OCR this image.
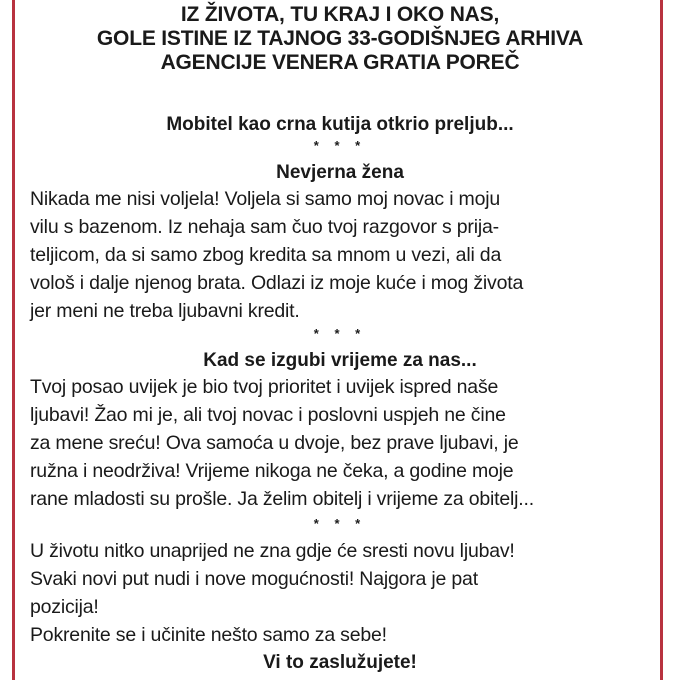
IZ ŽIVOTA, TU KRAJ I OKO NAS,
GOLE ISTINE IZ TAJNOG 33-GODIŠNJEG ARHIVA
AGENCIJE VENERA GRATIA POREČ
Mobitel kao crna kutija otkrio preljub...
* * *
Nevjerna žena
Nikada me nisi voljela! Voljela si samo moj novac i moju
vilu s bazenom. Iz nehaja sam čuo tvoj razgovor s prija-
teljicom, da si samo zbog kredita sa mnom u vezi, ali da
vološ i dalje njenog brata. Odlazi iz moje kuće i mog života
jer meni ne treba ljubavni kredit.
* * *
Kad se izgubi vrijeme za nas...
Tvoj posao uvijek je bio tvoj prioritet i uvijek ispred naše
ljubavi! Žao mi je, ali tvoj novac i poslovni uspjeh ne čine
za mene sreću! Ova samoća u dvoje, bez prave ljubavi, je
ružna i neodrživa! Vrijeme nikoga ne čeka, a godine moje
rane mladosti su prošle. Ja želim obitelj i vrijeme za obitelj...
* * *
U životu nitko unaprijed ne zna gdje će sresti novu ljubav!
Svaki novi put nudi i nove mogućnosti! Najgora je pat
pozicija!
Pokrenite se i učinite nešto samo za sebe!
Vi to zaslužujete!
